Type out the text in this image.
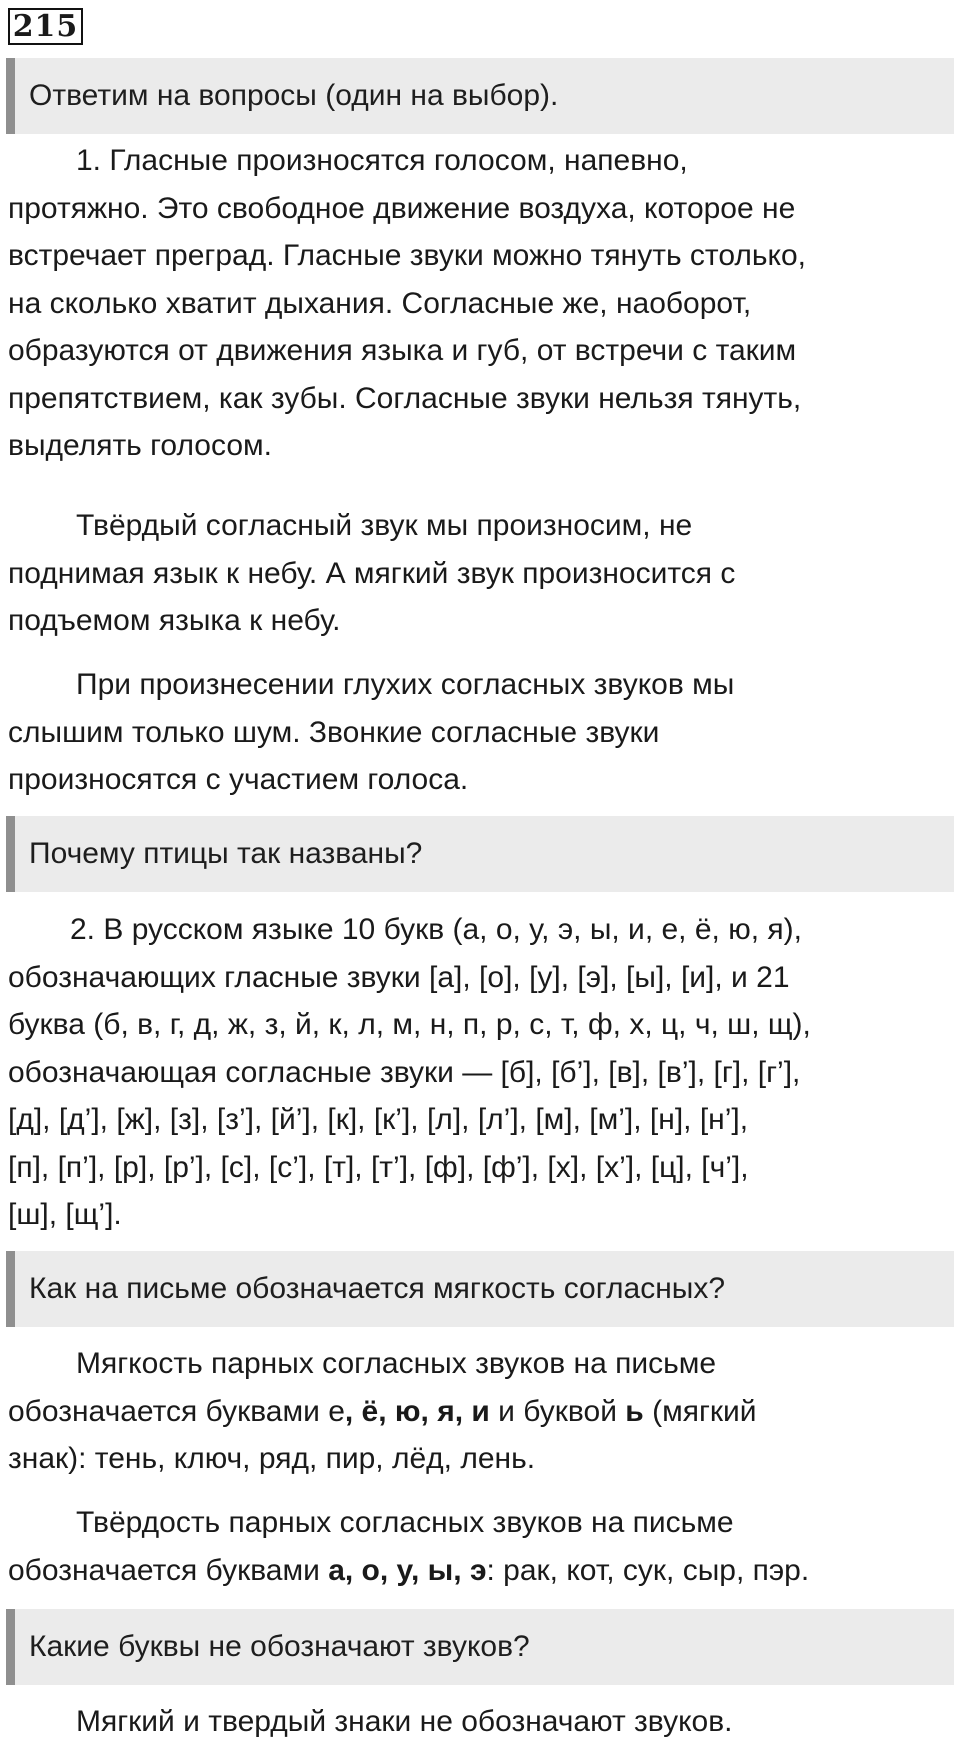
215
Ответим на вопросы (один на выбор).
1. Гласные произносятся голосом, напевно,
протяжно. Это свободное движение воздуха, которое не
встречает преград. Гласные звуки можно тянуть столько,
на сколько хватит дыхания. Согласные же, наоборот,
образуются от движения языка и губ, от встречи с таким
препятствием, как зубы. Согласные звуки нельзя тянуть,
выделять голосом.
Твёрдый согласный звук мы произносим, не
поднимая язык к небу. А мягкий звук произносится с
подъемом языка к небу.
При произнесении глухих согласных звуков мы
слышим только шум. Звонкие согласные звуки
произносятся с участием голоса.
Почему птицы так названы?
2. В русском языке 10 букв (а, о, у, э, ы, и, е, ё, ю, я),
обозначающих гласные звуки [а], [о], [у], [э], [ы], [и], и 21
буква (б, в, г, д, ж, з, й, к, л, м, н, п, р, с, т, ф, х, ц, ч, ш, щ),
обозначающая согласные звуки — [б], [б’], [в], [в’], [г], [г’],
[д], [д’], [ж], [з], [з’], [й’], [к], [к’], [л], [л’], [м], [м’], [н], [н’],
[п], [п’], [р], [р’], [с], [с’], [т], [т’], [ф], [ф’], [х], [х’], [ц], [ч’],
[ш], [щ’].
Как на письме обозначается мягкость согласных?
Мягкость парных согласных звуков на письме
обозначается буквами е, ё, ю, я, и и буквой ь (мягкий
знак): тень, ключ, ряд, пир, лёд, лень.
Твёрдость парных согласных звуков на письме
обозначается буквами а, о, у, ы, э: рак, кот, сук, сыр, пэр.
Какие буквы не обозначают звуков?
Мягкий и твердый знаки не обозначают звуков.
